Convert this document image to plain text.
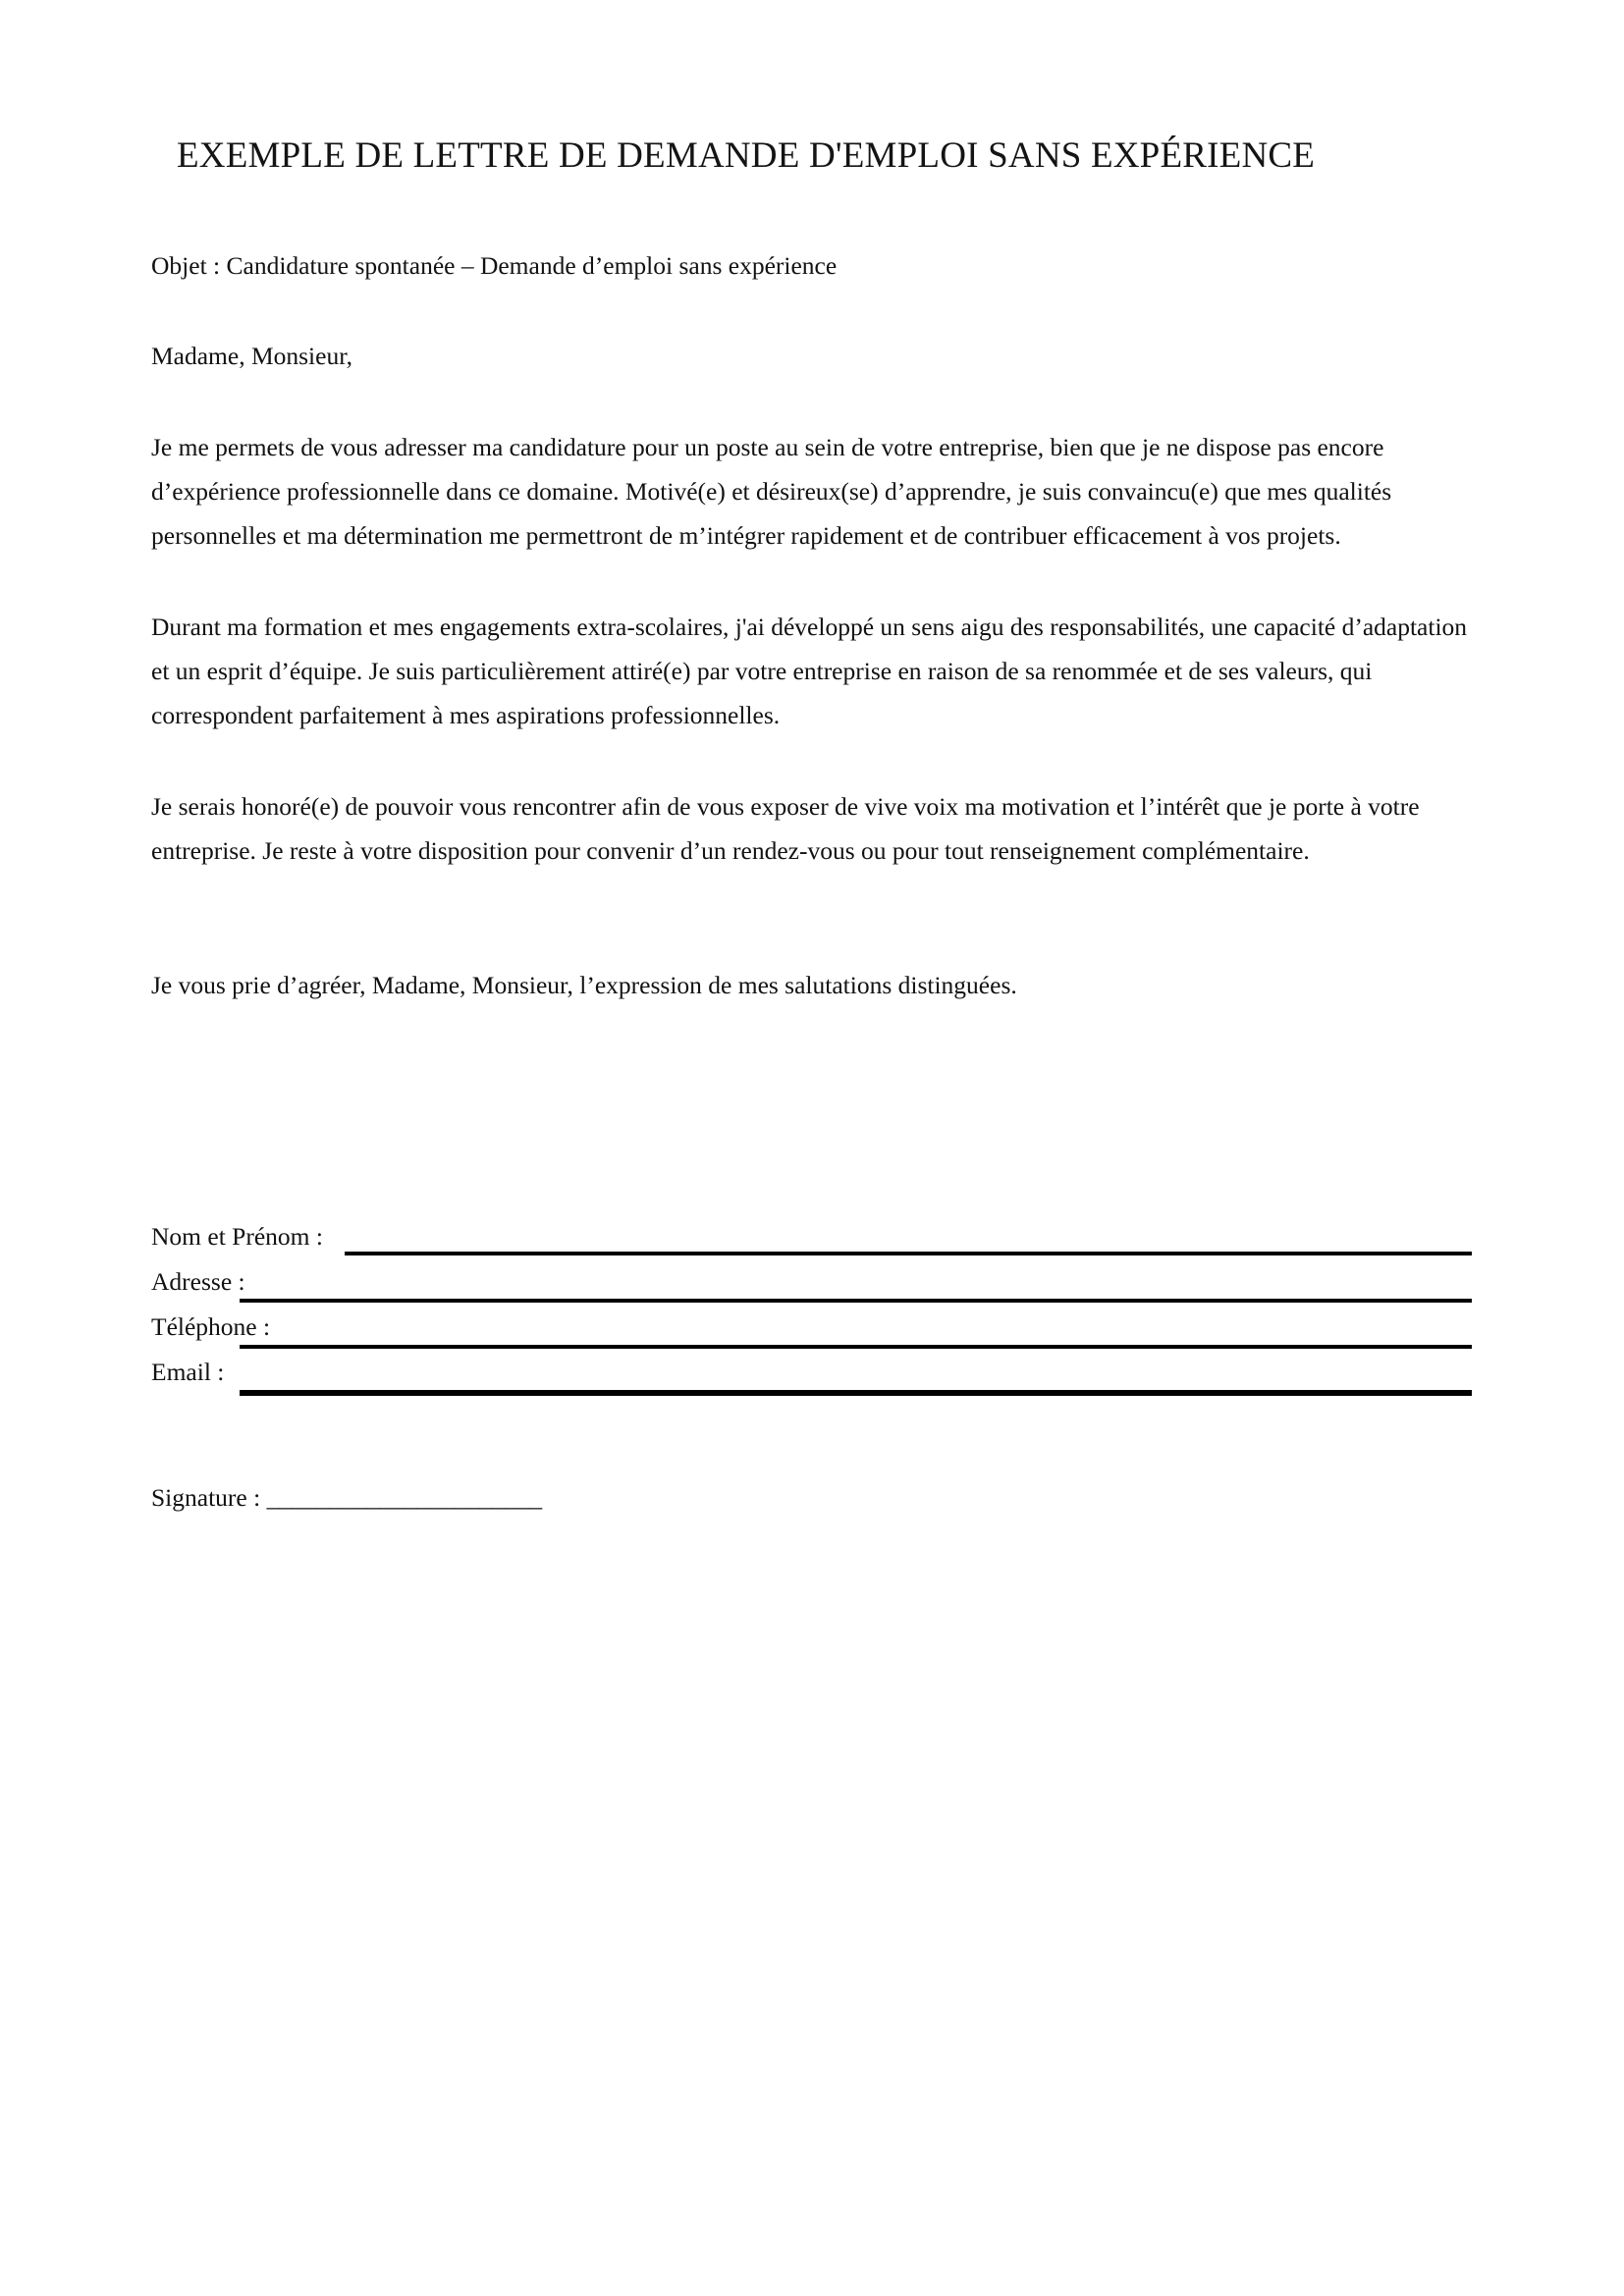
EXEMPLE DE LETTRE DE DEMANDE D'EMPLOI SANS EXPÉRIENCE

Objet : Candidature spontanée – Demande d’emploi sans expérience

Madame, Monsieur,

Je me permets de vous adresser ma candidature pour un poste au sein de votre entreprise, bien que je ne dispose pas encore d’expérience professionnelle dans ce domaine. Motivé(e) et désireux(se) d’apprendre, je suis convaincu(e) que mes qualités personnelles et ma détermination me permettront de m’intégrer rapidement et de contribuer efficacement à vos projets.

Durant ma formation et mes engagements extra-scolaires, j'ai développé un sens aigu des responsabilités, une capacité d’adaptation et un esprit d’équipe. Je suis particulièrement attiré(e) par votre entreprise en raison de sa renommée et de ses valeurs, qui correspondent parfaitement à mes aspirations professionnelles.

Je serais honoré(e) de pouvoir vous rencontrer afin de vous exposer de vive voix ma motivation et l’intérêt que je porte à votre entreprise. Je reste à votre disposition pour convenir d’un rendez-vous ou pour tout renseignement complémentaire.

Je vous prie d’agréer, Madame, Monsieur, l’expression de mes salutations distinguées.

Nom et Prénom :
Adresse :
Téléphone :
Email :
Signature : ______________________
